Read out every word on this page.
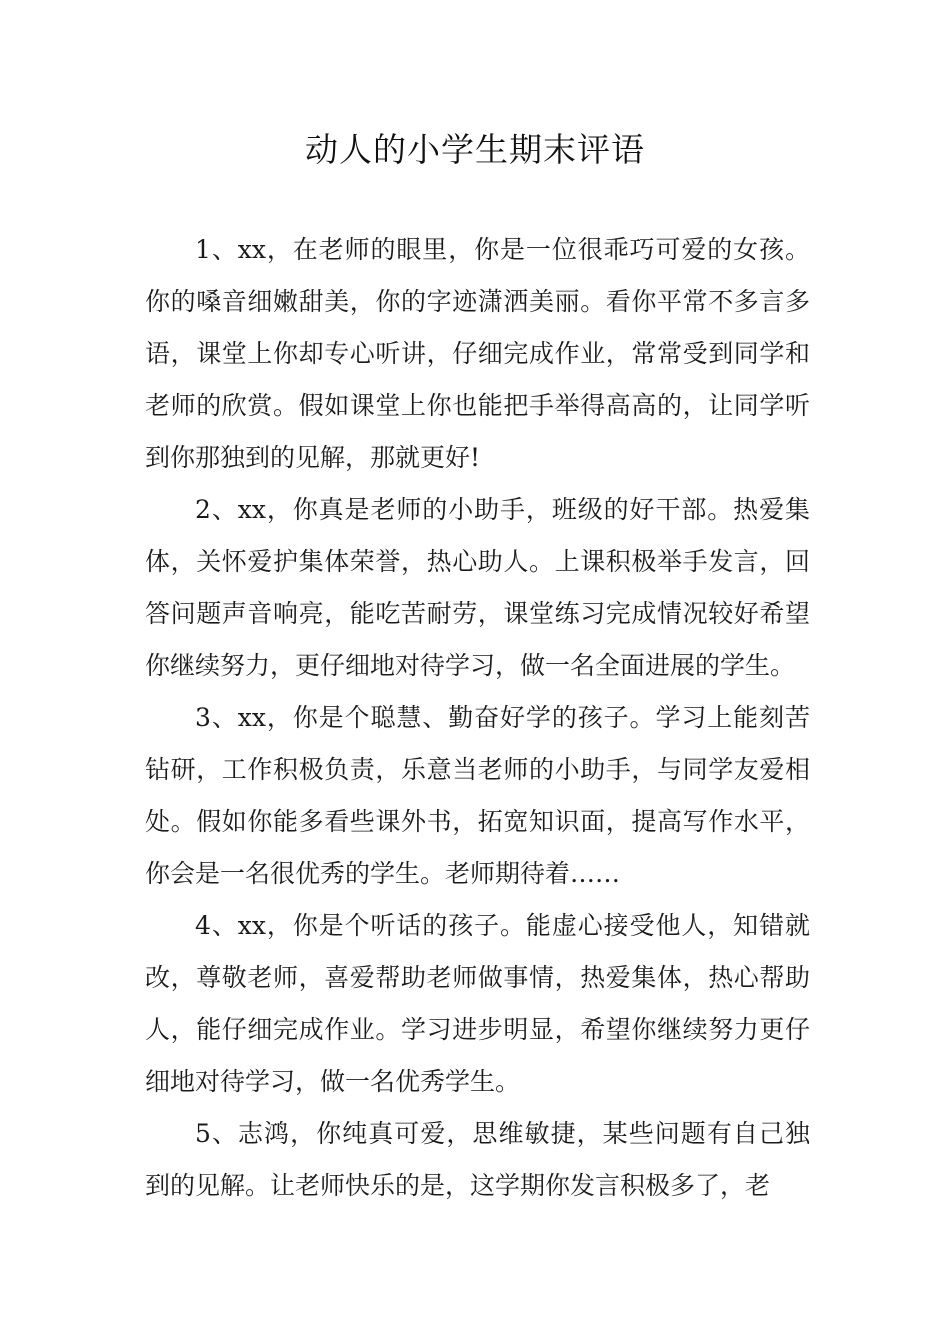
动人的小学生期末评语

1、xx，在老师的眼里，你是一位很乖巧可爱的女孩。你的嗓音细嫩甜美，你的字迹潇洒美丽。看你平常不多言多语，课堂上你却专心听讲，仔细完成作业，常常受到同学和老师的欣赏。假如课堂上你也能把手举得高高的，让同学听到你那独到的见解，那就更好!

2、xx，你真是老师的小助手，班级的好干部。热爱集体，关怀爱护集体荣誉，热心助人。上课积极举手发言，回答问题声音响亮，能吃苦耐劳，课堂练习完成情况较好希望你继续努力，更仔细地对待学习，做一名全面进展的学生。

3、xx，你是个聪慧、勤奋好学的孩子。学习上能刻苦钻研，工作积极负责，乐意当老师的小助手，与同学友爱相处。假如你能多看些课外书，拓宽知识面，提高写作水平，你会是一名很优秀的学生。老师期待着……

4、xx，你是个听话的孩子。能虚心接受他人，知错就改，尊敬老师，喜爱帮助老师做事情，热爱集体，热心帮助人，能仔细完成作业。学习进步明显，希望你继续努力更仔细地对待学习，做一名优秀学生。

5、志鸿，你纯真可爱，思维敏捷，某些问题有自己独到的见解。让老师快乐的是，这学期你发言积极多了，老
